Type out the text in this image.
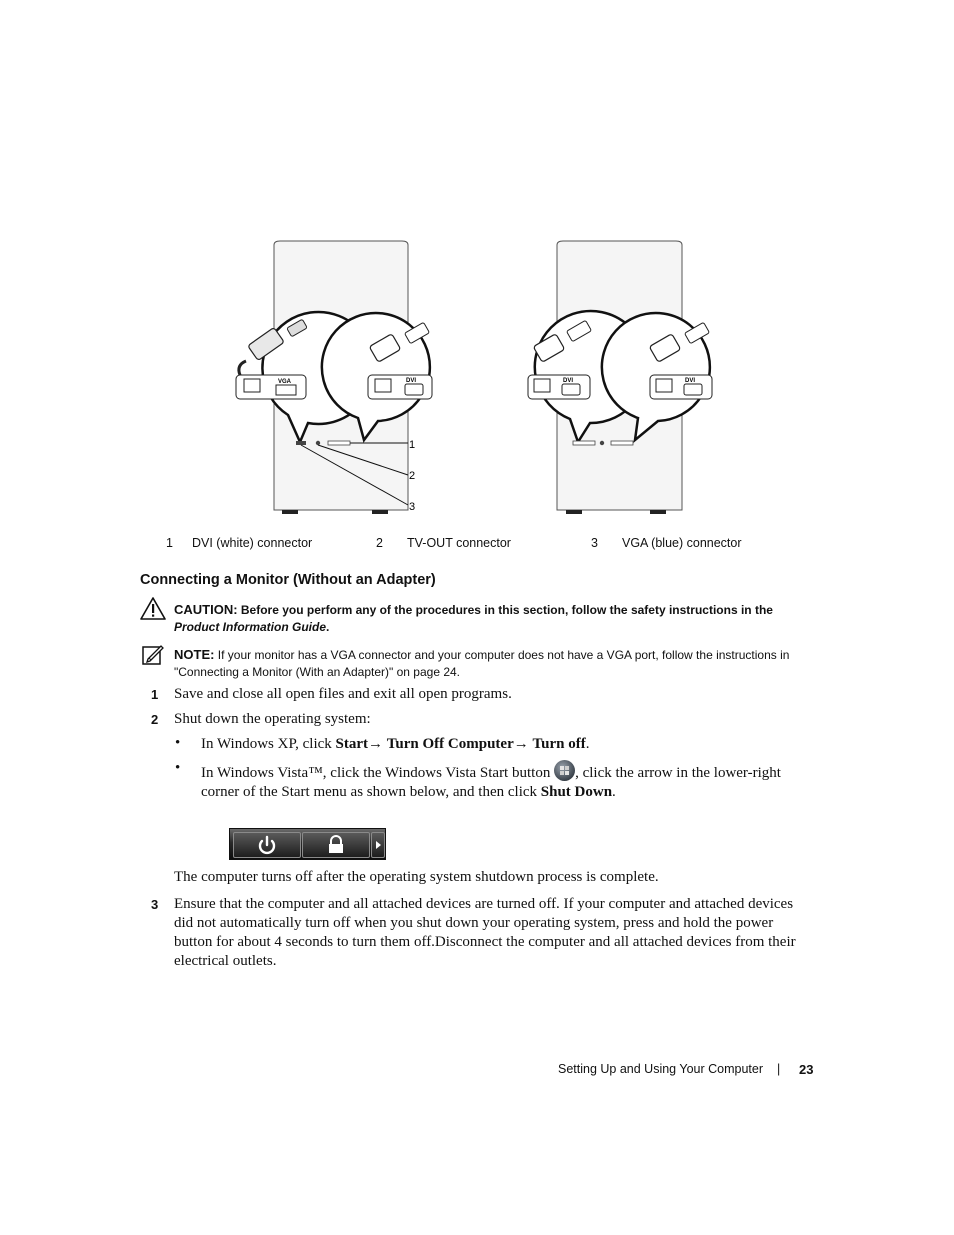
VGA	DVI
1
2
3
DVI	DVI
1 DVI (white) connector	2 TV-OUT connector	3 VGA (blue) connector
Connecting a Monitor (Without an Adapter)
CAUTION: Before you perform any of the procedures in this section, follow the safety instructions in the Product Information Guide.
NOTE: If your monitor has a VGA connector and your computer does not have a VGA port, follow the instructions in "Connecting a Monitor (With an Adapter)" on page 24.
1 Save and close all open files and exit all open programs.
2 Shut down the operating system:
• In Windows XP, click Start→ Turn Off Computer→ Turn off.
• In Windows Vista™, click the Windows Vista Start button
, click the arrow in the lower-right corner of the Start menu as shown below, and then click Shut Down.
The computer turns off after the operating system shutdown process is complete.
3 Ensure that the computer and all attached devices are turned off. If your computer and attached devices did not automatically turn off when you shut down your operating system, press and hold the power button for about 4 seconds to turn them off.Disconnect the computer and all attached devices from their electrical outlets.
Setting Up and Using Your Computer | 23
